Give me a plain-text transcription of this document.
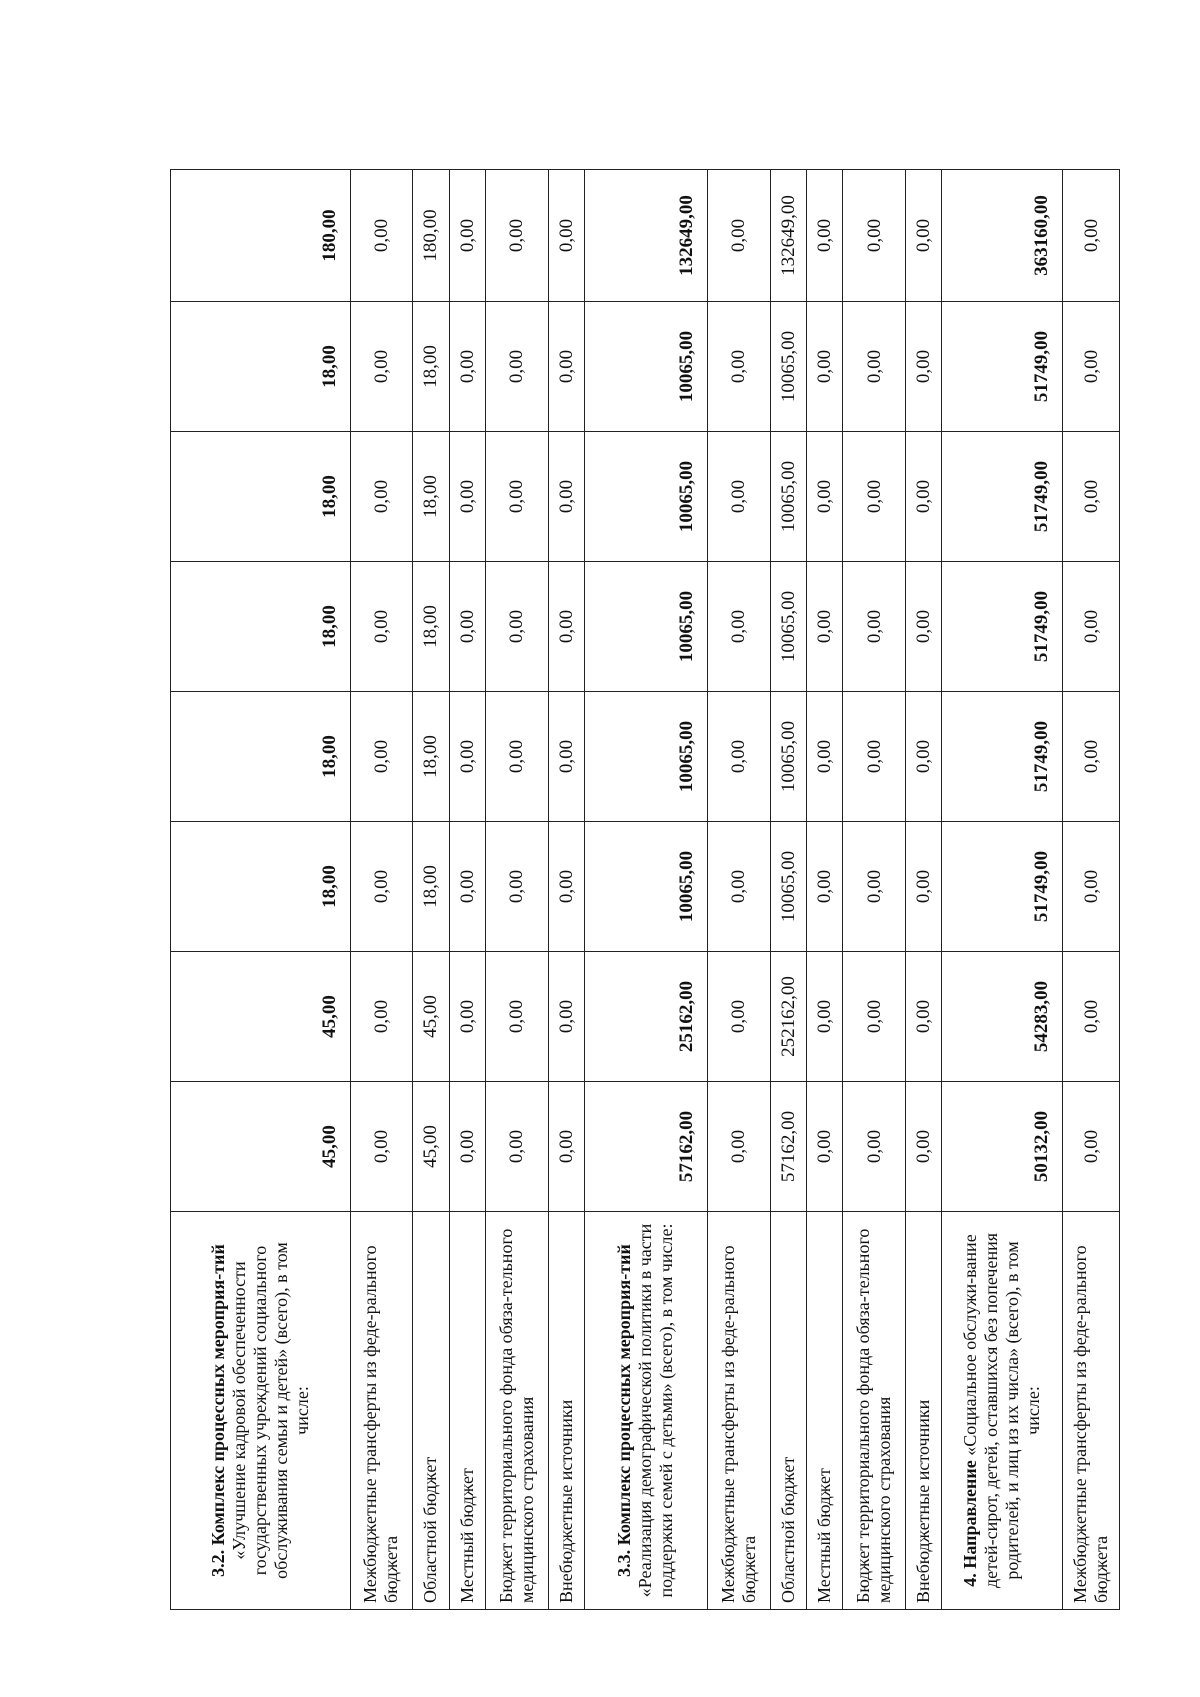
3.2. Комплекс процессных мероприя-тий «Улучшение кадровой обеспеченности государственных учреждений социального обслуживания семьи и детей» (всего), в том числе:	45,00	45,00	18,00	18,00	18,00	18,00	18,00	180,00
Межбюджетные трансферты из феде-рального бюджета	0,00	0,00	0,00	0,00	0,00	0,00	0,00	0,00
Областной бюджет	45,00	45,00	18,00	18,00	18,00	18,00	18,00	180,00
Местный бюджет	0,00	0,00	0,00	0,00	0,00	0,00	0,00	0,00
Бюджет территориального фонда обяза-тельного медицинского страхования	0,00	0,00	0,00	0,00	0,00	0,00	0,00	0,00
Внебюджетные источники	0,00	0,00	0,00	0,00	0,00	0,00	0,00	0,00

3.3. Комплекс процессных мероприя-тий «Реализация демографической политики в части поддержки семей с детьми» (всего), в том числе:	57162,00	25162,00	10065,00	10065,00	10065,00	10065,00	10065,00	132649,00
Межбюджетные трансферты из феде-рального бюджета	0,00	0,00	0,00	0,00	0,00	0,00	0,00	0,00
Областной бюджет	57162,00	252162,00	10065,00	10065,00	10065,00	10065,00	10065,00	132649,00
Местный бюджет	0,00	0,00	0,00	0,00	0,00	0,00	0,00	0,00
Бюджет территориального фонда обяза-тельного медицинского страхования	0,00	0,00	0,00	0,00	0,00	0,00	0,00	0,00
Внебюджетные источники	0,00	0,00	0,00	0,00	0,00	0,00	0,00	0,00

4. Направление «Социальное обслужи-вание детей-сирот, детей, оставшихся без попечения родителей, и лиц из их числа» (всего), в том числе:	50132,00	54283,00	51749,00	51749,00	51749,00	51749,00	51749,00	363160,00
Межбюджетные трансферты из феде-рального бюджета	0,00	0,00	0,00	0,00	0,00	0,00	0,00	0,00
